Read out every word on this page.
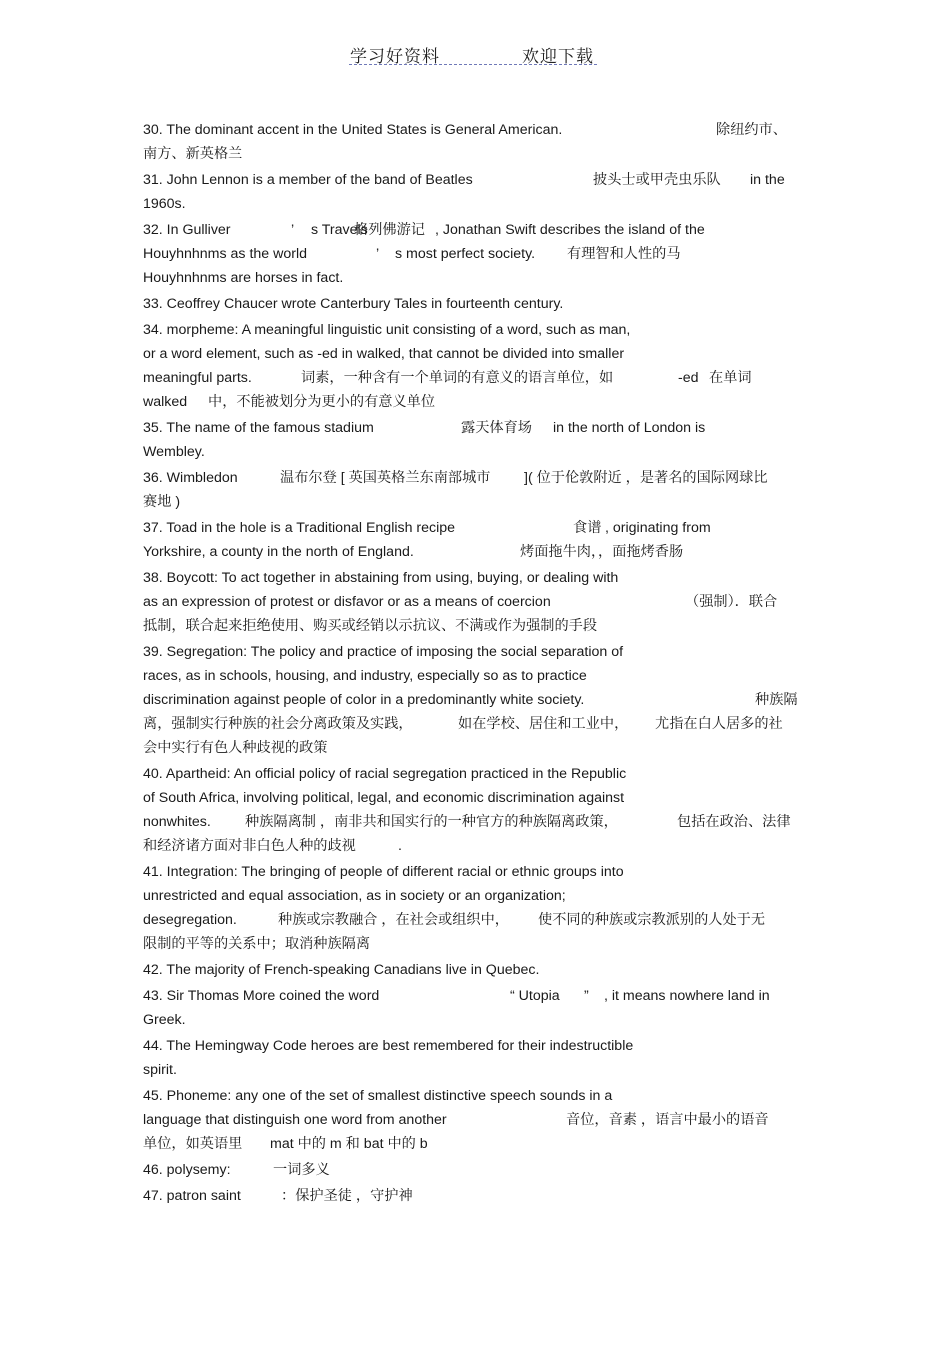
学习好资料	欢迎下载
30. The dominant accent in the United States is General American.	除纽约市、
南方、新英格兰
31. John Lennon is a member of the band of Beatles	披头士或甲壳虫乐队 in the
1960s.
32. In Gulliver	’ s Travels
格列佛游记 , Jonathan Swift describes the island of the
Houyhnhnms as the world	’ s most perfect society. 有理智和人性的马
Houyhnhnms are horses in fact.
33. Ceoffrey Chaucer wrote Canterbury Tales in fourteenth century.
34. morpheme: A meaningful linguistic unit consisting of a word, such as man,
or a word element, such as -ed in walked, that cannot be divided into smaller
meaningful parts.	词素，一种含有一个单词的有意义的语言单位，如	-ed 在单词
walked 中，不能被划分为更小的有意义单位
35. The name of the famous stadium	露天体育场 in the north of London is
Wembley.
36. Wimbledon	温布尔登 [ 英国英格兰东南部城市 ]( 位于伦敦附近 ，是著名的国际网球比
赛地 )
37. Toad in the hole is a Traditional English recipe	食谱 , originating from
Yorkshire, a county in the north of England.	烤面拖牛肉，，面拖烤香肠
38. Boycott: To act together in abstaining from using, buying, or dealing with
as an expression of protest or disfavor or as a means of coercion	（强制）．联合
抵制，联合起来拒绝使用、购买或经销以示抗议、不满或作为强制的手段
39. Segregation: The policy and practice of imposing the social separation of
races, as in schools, housing, and industry, especially so as to practice
discrimination against people of color in a predominantly white society.	种族隔
离，强制实行种族的社会分离政策及实践，	如在学校、居住和工业中， 尤指在白人居多的社
会中实行有色人种歧视的政策
40. Apartheid: An official policy of racial segregation practiced in the Republic
of South Africa, involving political, legal, and economic discrimination against
nonwhites. 种族隔离制 ，南非共和国实行的一种官方的种族隔离政策，	包括在政治、法律
和经济诸方面对非白色人种的歧视	.
41. Integration: The bringing of people of different racial or ethnic groups into
unrestricted and equal association, as in society or an organization;
desegregation.	种族或宗教融合 ，在社会或组织中， 使不同的种族或宗教派别的人处于无
限制的平等的关系中；取消种族隔离
42. The majority of French-speaking Canadians live in Quebec.
43. Sir Thomas More coined the word	“ Utopia ” , it means nowhere land in
Greek.
44. The Hemingway Code heroes are best remembered for their indestructible
spirit.
45. Phoneme: any one of the set of smallest distinctive speech sounds in a
language that distinguish one word from another	音位，音素 ，语言中最小的语音
单位，如英语里 mat 中的 m 和 bat 中的 b
46. polysemy:	一词多义
47. patron saint	：保护圣徒 ，守护神
